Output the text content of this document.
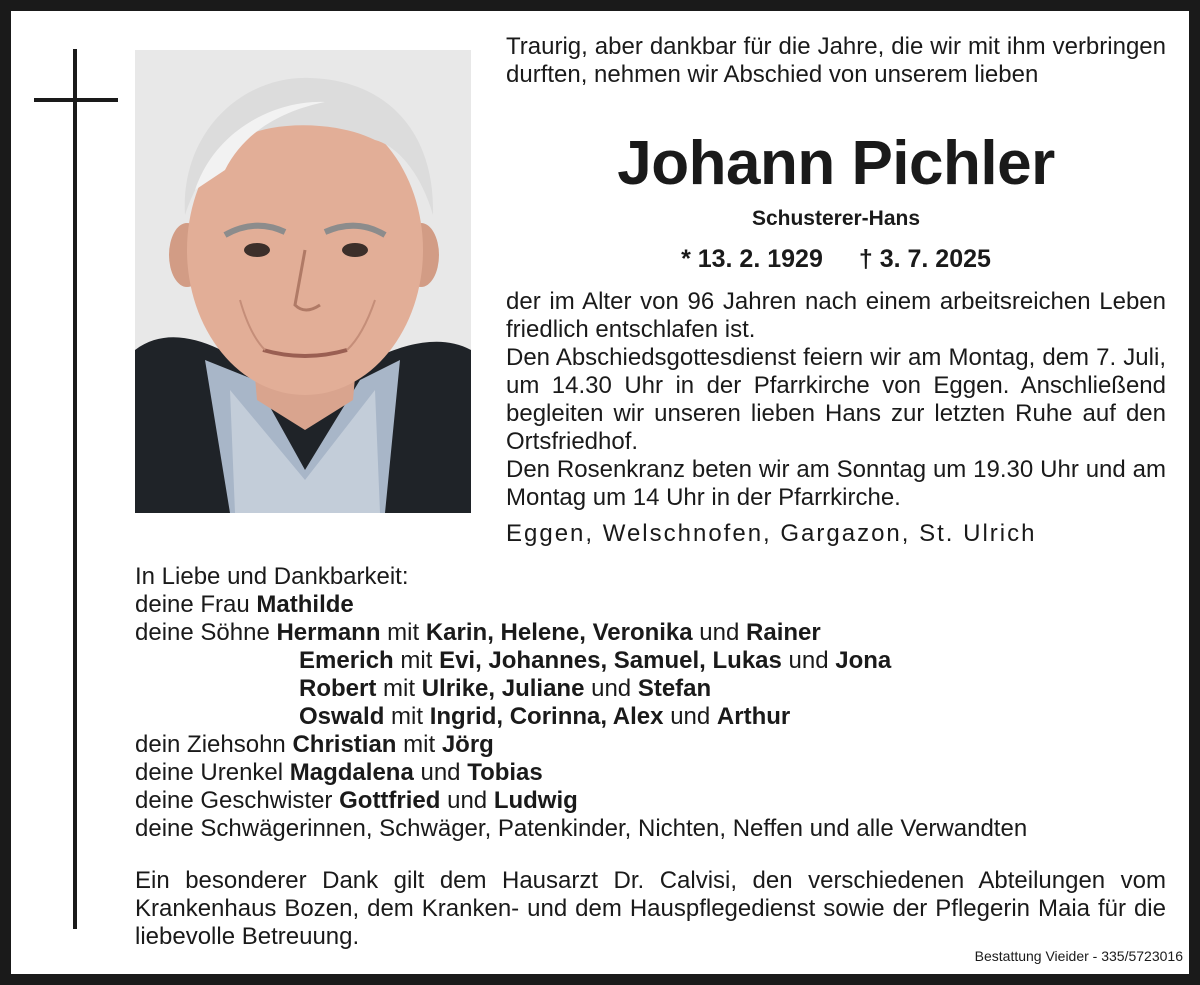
Traurig, aber dankbar für die Jahre, die wir mit ihm verbringen durften, nehmen wir Abschied von unserem lieben

Johann Pichler
Schusterer-Hans
* 13. 2. 1929 † 3. 7. 2025

der im Alter von 96 Jahren nach einem arbeitsreichen Leben friedlich entschlafen ist.

Den Abschiedsgottesdienst feiern wir am Montag, dem 7. Juli, um 14.30 Uhr in der Pfarrkirche von Eggen. Anschließend begleiten wir unseren lieben Hans zur letzten Ruhe auf den Ortsfriedhof.

Den Rosenkranz beten wir am Sonntag um 19.30 Uhr und am Montag um 14 Uhr in der Pfarrkirche.

Eggen, Welschnofen, Gargazon, St. Ulrich
In Liebe und Dankbarkeit:
deine Frau Mathilde
deine Söhne Hermann mit Karin, Helene, Veronika und Rainer
Emerich mit Evi, Johannes, Samuel, Lukas und Jona
Robert mit Ulrike, Juliane und Stefan
Oswald mit Ingrid, Corinna, Alex und Arthur
dein Ziehsohn Christian mit Jörg
deine Urenkel Magdalena und Tobias
deine Geschwister Gottfried und Ludwig
deine Schwägerinnen, Schwäger, Patenkinder, Nichten, Neffen und alle Verwandten

Ein besonderer Dank gilt dem Hausarzt Dr. Calvisi, den verschiedenen Abteilungen vom Krankenhaus Bozen, dem Kranken- und dem Hauspflegedienst sowie der Pflegerin Maia für die liebevolle Betreuung.

Bestattung Vieider - 335/5723016
